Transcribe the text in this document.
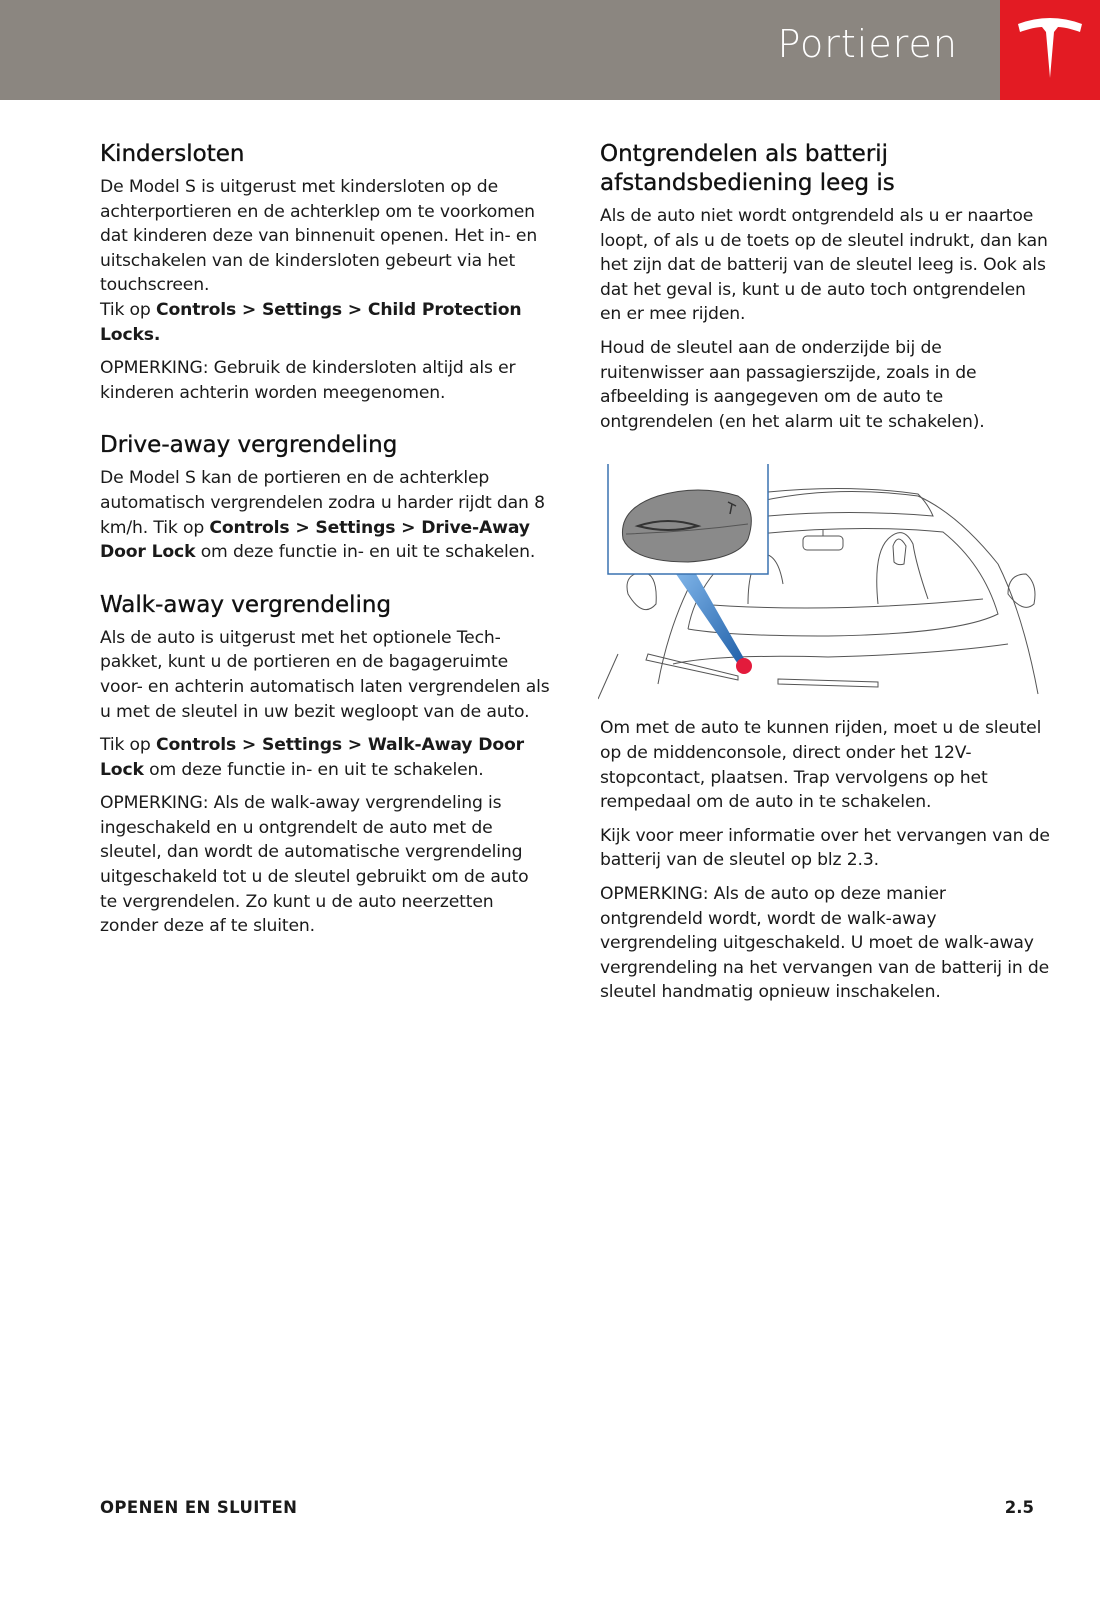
Portieren
Kindersloten

De Model S is uitgerust met kindersloten op de achterportieren en de achterklep om te voorkomen dat kinderen deze van binnenuit openen. Het in- en uitschakelen van de kindersloten gebeurt via het touchscreen.
Tik op Controls > Settings > Child Protection Locks.

OPMERKING: Gebruik de kindersloten altijd als er kinderen achterin worden meegenomen.

Drive-away vergrendeling

De Model S kan de portieren en de achterklep automatisch vergrendelen zodra u harder rijdt dan 8 km/h. Tik op Controls > Settings > Drive-Away Door Lock om deze functie in- en uit te schakelen.

Walk-away vergrendeling

Als de auto is uitgerust met het optionele Tech-pakket, kunt u de portieren en de bagageruimte voor- en achterin automatisch laten vergrendelen als u met de sleutel in uw bezit wegloopt van de auto.

Tik op Controls > Settings > Walk-Away Door Lock om deze functie in- en uit te schakelen.

OPMERKING: Als de walk-away vergrendeling is ingeschakeld en u ontgrendelt de auto met de sleutel, dan wordt de automatische vergrendeling uitgeschakeld tot u de sleutel gebruikt om de auto te vergrendelen. Zo kunt u de auto neerzetten zonder deze af te sluiten.

Ontgrendelen als batterij afstandsbediening leeg is

Als de auto niet wordt ontgrendeld als u er naartoe loopt, of als u de toets op de sleutel indrukt, dan kan het zijn dat de batterij van de sleutel leeg is. Ook als dat het geval is, kunt u de auto toch ontgrendelen en er mee rijden.

Houd de sleutel aan de onderzijde bij de ruitenwisser aan passagierszijde, zoals in de afbeelding is aangegeven om de auto te ontgrendelen (en het alarm uit te schakelen).

Om met de auto te kunnen rijden, moet u de sleutel op de middenconsole, direct onder het 12V-stopcontact, plaatsen. Trap vervolgens op het rempedaal om de auto in te schakelen.

Kijk voor meer informatie over het vervangen van de batterij van de sleutel op blz 2.3.

OPMERKING: Als de auto op deze manier ontgrendeld wordt, wordt de walk-away vergrendeling uitgeschakeld. U moet de walk-away vergrendeling na het vervangen van de batterij in de sleutel handmatig opnieuw inschakelen.

OPENEN EN SLUITEN	2.5
